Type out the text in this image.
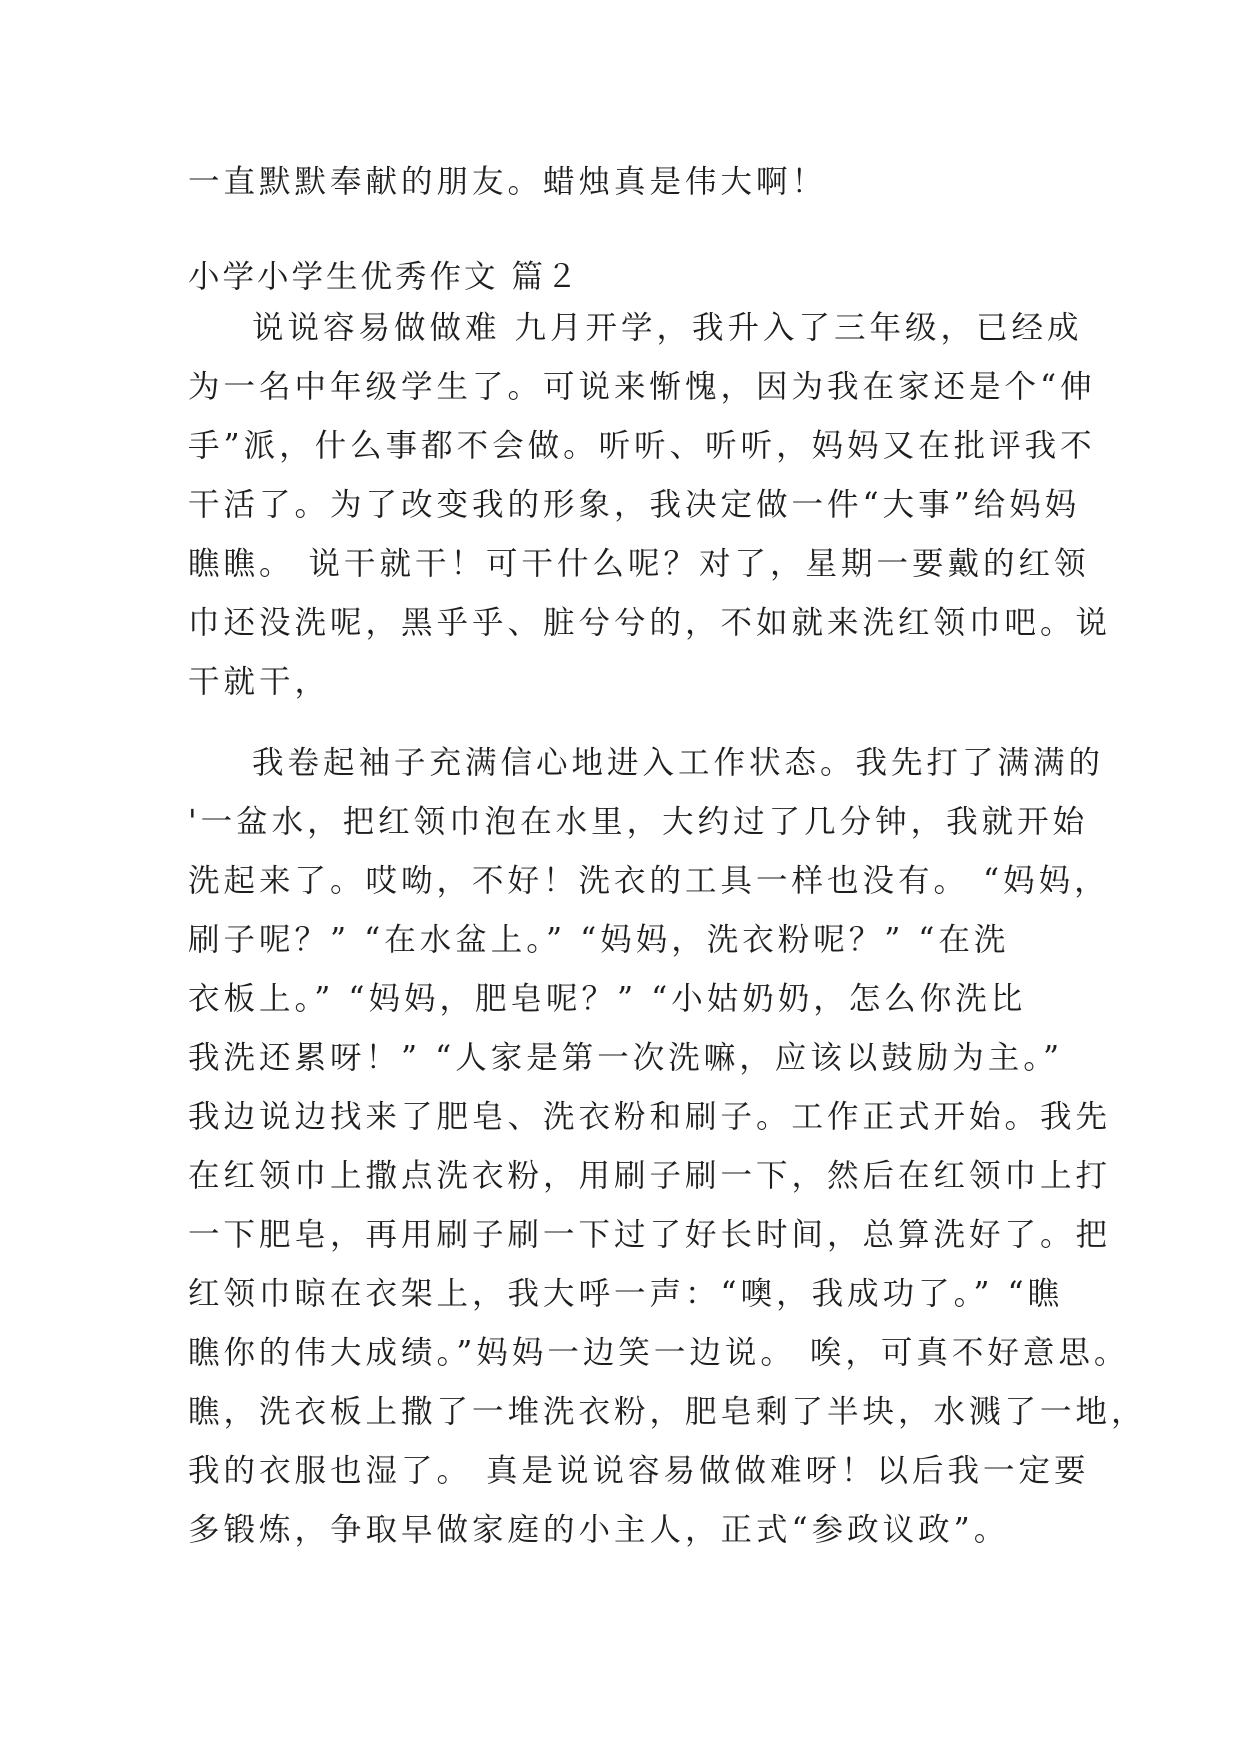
一直默默奉献的朋友。蜡烛真是伟大啊！

小学小学生优秀作文 篇２

说说容易做做难 九月开学，我升入了三年级，已经成

为一名中年级学生了。可说来惭愧，因为我在家还是个“伸

手”派，什么事都不会做。听听、听听，妈妈又在批评我不

干活了。为了改变我的形象，我决定做一件“大事”给妈妈

瞧瞧。 说干就干！可干什么呢？对了，星期一要戴的红领

巾还没洗呢，黑乎乎、脏兮兮的，不如就来洗红领巾吧。说

干就干，

我卷起袖子充满信心地进入工作状态。我先打了满满的

'一盆水，把红领巾泡在水里，大约过了几分钟，我就开始

洗起来了。哎呦，不好！洗衣的工具一样也没有。 “妈妈，

刷子呢？” “在水盆上。” “妈妈，洗衣粉呢？” “在洗

衣板上。” “妈妈，肥皂呢？” “小姑奶奶，怎么你洗比

我洗还累呀！” “人家是第一次洗嘛，应该以鼓励为主。”

我边说边找来了肥皂、洗衣粉和刷子。工作正式开始。我先

在红领巾上撒点洗衣粉，用刷子刷一下，然后在红领巾上打

一下肥皂，再用刷子刷一下过了好长时间，总算洗好了。把

红领巾晾在衣架上，我大呼一声：“噢，我成功了。” “瞧

瞧你的伟大成绩。”妈妈一边笑一边说。 唉，可真不好意思。

瞧，洗衣板上撒了一堆洗衣粉，肥皂剩了半块，水溅了一地，

我的衣服也湿了。 真是说说容易做做难呀！以后我一定要

多锻炼，争取早做家庭的小主人，正式“参政议政”。
